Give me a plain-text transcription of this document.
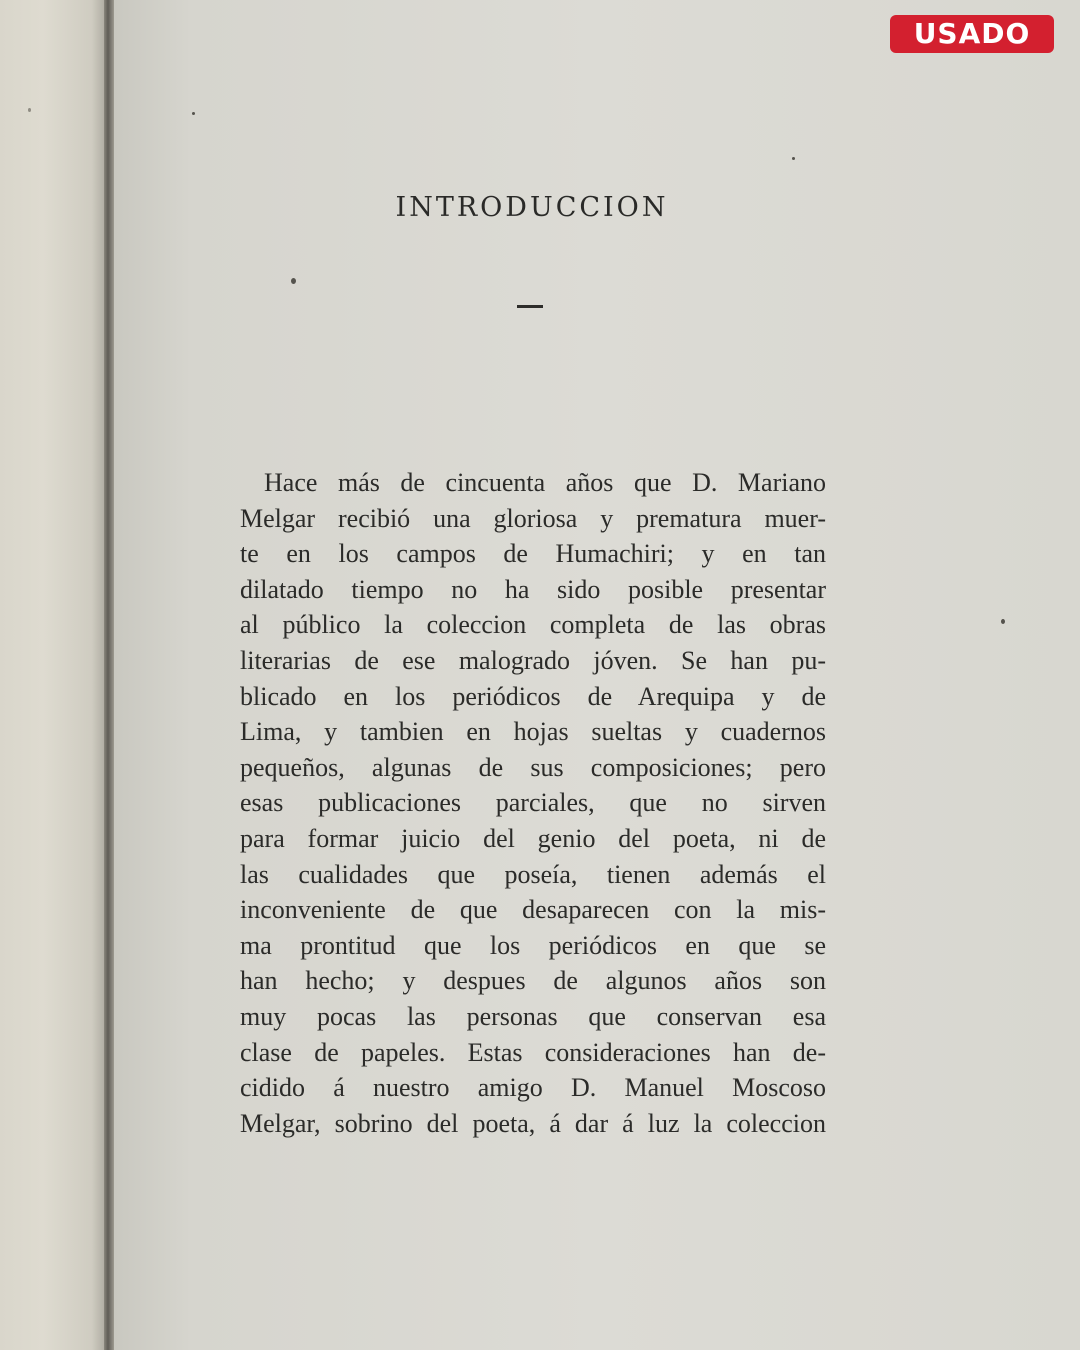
USADO
INTRODUCCION
Hace más de cincuenta años que D. Mariano
Melgar recibió una gloriosa y prematura muer-
te en los campos de Humachiri; y en tan
dilatado tiempo no ha sido posible presentar
al público la coleccion completa de las obras
literarias de ese malogrado jóven. Se han pu-
blicado en los periódicos de Arequipa y de
Lima, y tambien en hojas sueltas y cuadernos
pequeños, algunas de sus composiciones; pero
esas publicaciones parciales, que no sirven
para formar juicio del genio del poeta, ni de
las cualidades que poseía, tienen además el
inconveniente de que desaparecen con la mis-
ma prontitud que los periódicos en que se
han hecho; y despues de algunos años son
muy pocas las personas que conservan esa
clase de papeles. Estas consideraciones han de-
cidido á nuestro amigo D. Manuel Moscoso
Melgar, sobrino del poeta, á dar á luz la coleccion
